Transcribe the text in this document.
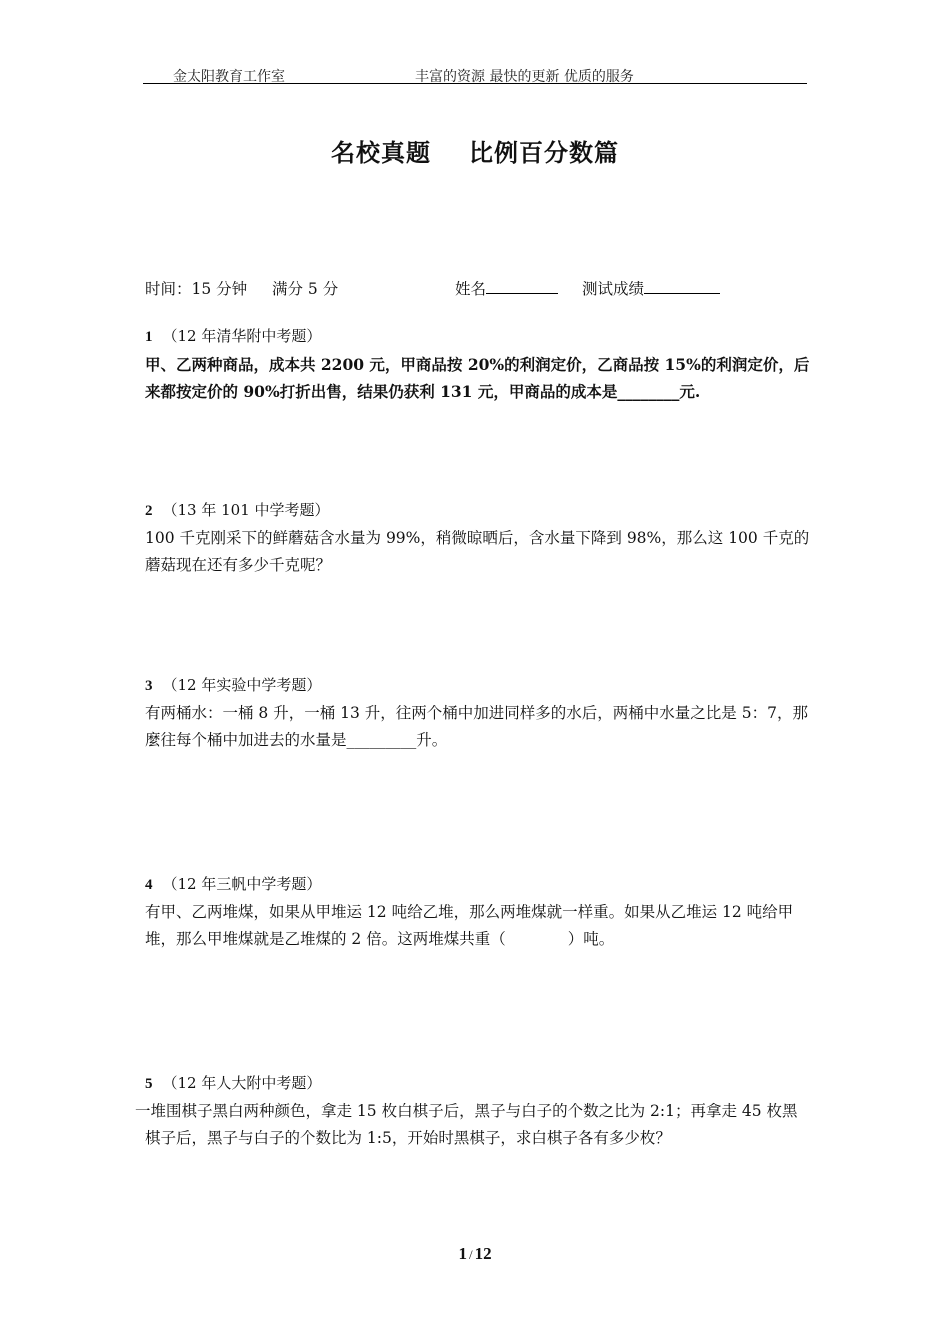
金太阳教育工作室	丰富的资源 最快的更新 优质的服务
名校真题 比例百分数篇
时间：15 分钟 满分 5 分	姓名	测试成绩
1 （12 年清华附中考题）
甲、乙两种商品，成本共 2200 元，甲商品按 20%的利润定价，乙商品按 15%的利润定价，后
来都按定价的 90%打折出售，结果仍获利 131 元，甲商品的成本是________元.
2 （13 年 101 中学考题）
100 千克刚采下的鲜蘑菇含水量为 99%，稍微晾晒后，含水量下降到 98%，那么这 100 千克的
蘑菇现在还有多少千克呢？
3 （12 年实验中学考题）
有两桶水：一桶 8 升，一桶 13 升，往两个桶中加进同样多的水后，两桶中水量之比是 5：7，那
麼往每个桶中加进去的水量是_________升。
4 （12 年三帆中学考题）
有甲、乙两堆煤，如果从甲堆运 12 吨给乙堆，那么两堆煤就一样重。如果从乙堆运 12 吨给甲
堆，那么甲堆煤就是乙堆煤的 2 倍。这两堆煤共重（　　　　）吨。
5 （12 年人大附中考题）
一堆围棋子黑白两种颜色，拿走 15 枚白棋子后，黑子与白子的个数之比为 2:1；再拿走 45 枚黑
棋子后，黑子与白子的个数比为 1:5，开始时黑棋子，求白棋子各有多少枚？
1 / 12
